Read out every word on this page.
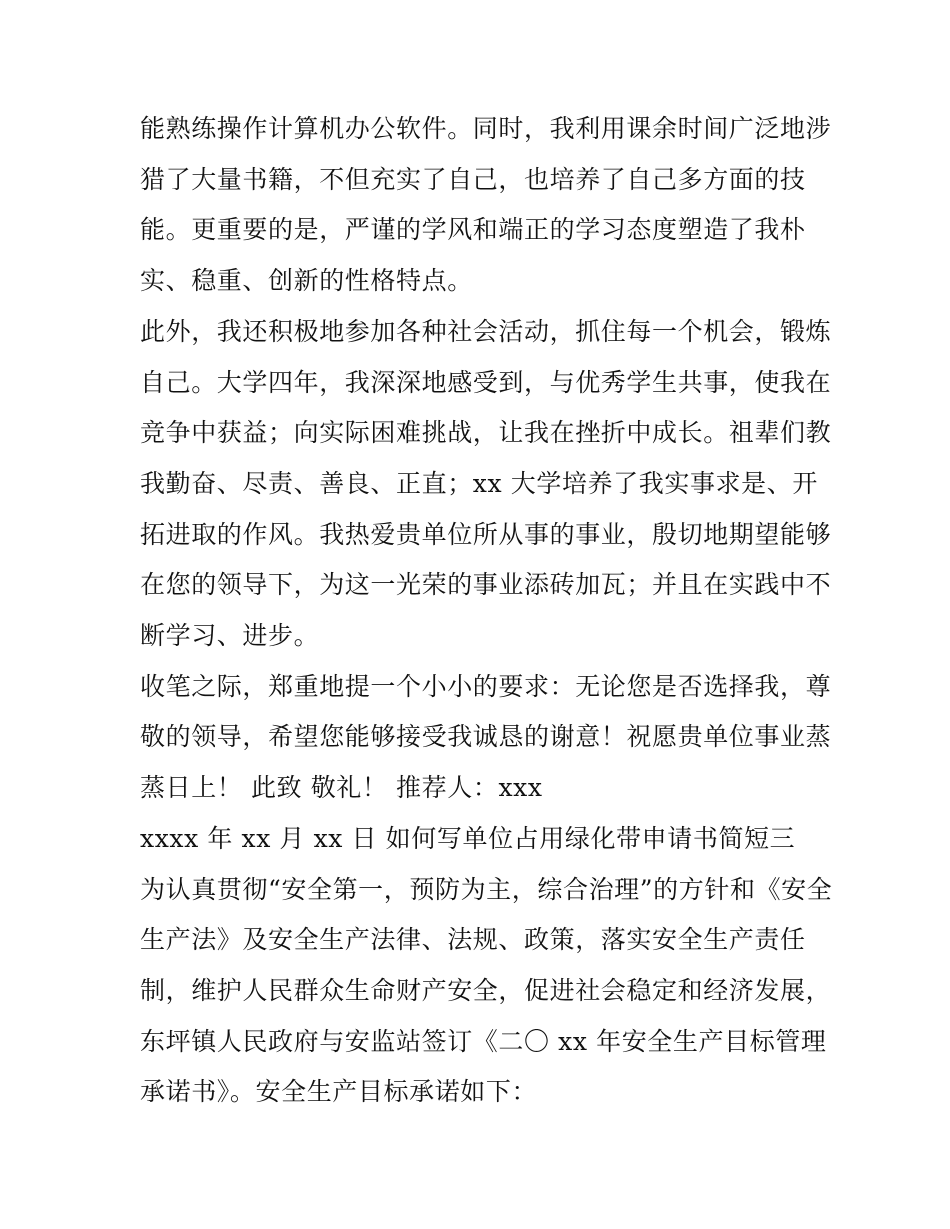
能熟练操作计算机办公软件。同时，我利用课余时间广泛地涉
猎了大量书籍，不但充实了自己，也培养了自己多方面的技
能。更重要的是，严谨的学风和端正的学习态度塑造了我朴
实、稳重、创新的性格特点。
此外，我还积极地参加各种社会活动，抓住每一个机会，锻炼
自己。大学四年，我深深地感受到，与优秀学生共事，使我在
竞争中获益；向实际困难挑战，让我在挫折中成长。祖辈们教
我勤奋、尽责、善良、正直；xx 大学培养了我实事求是、开
拓进取的作风。我热爱贵单位所从事的事业，殷切地期望能够
在您的领导下，为这一光荣的事业添砖加瓦；并且在实践中不
断学习、进步。
收笔之际，郑重地提一个小小的要求：无论您是否选择我，尊
敬的领导，希望您能够接受我诚恳的谢意！祝愿贵单位事业蒸
蒸日上！ 此致 敬礼！ 推荐人：xxx
xxxx 年 xx 月 xx 日 如何写单位占用绿化带申请书简短三
为认真贯彻“安全第一，预防为主，综合治理”的方针和《安全
生产法》及安全生产法律、法规、政策，落实安全生产责任
制，维护人民群众生命财产安全，促进社会稳定和经济发展，
东坪镇人民政府与安监站签订《二〇 xx 年安全生产目标管理
承诺书》。安全生产目标承诺如下：
